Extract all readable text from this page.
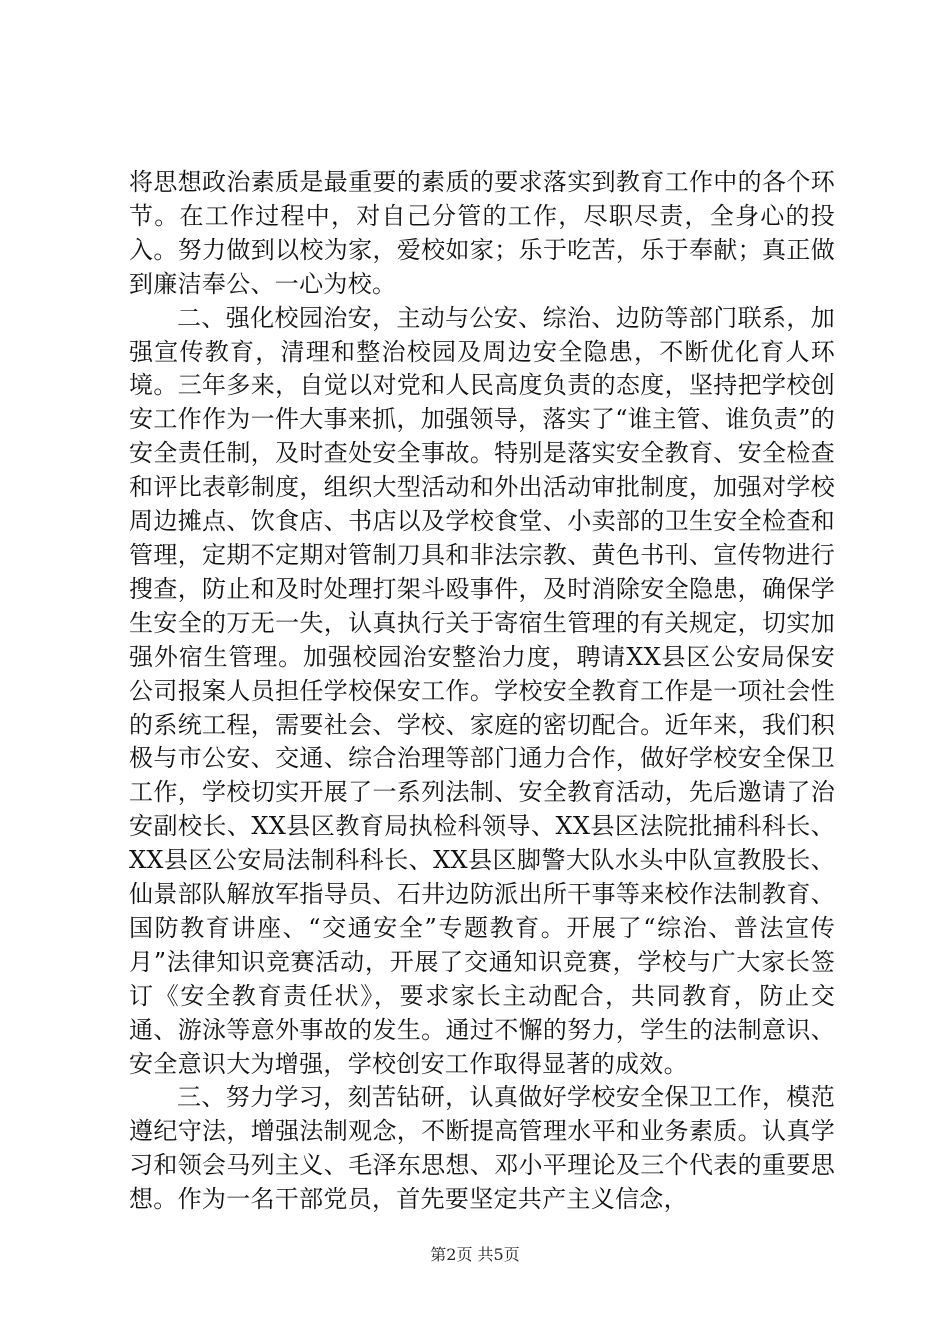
将思想政治素质是最重要的素质的要求落实到教育工作中的各个环节。在工作过程中，对自己分管的工作，尽职尽责，全身心的投入。努力做到以校为家，爱校如家；乐于吃苦，乐于奉献；真正做到廉洁奉公、一心为校。

二、强化校园治安，主动与公安、综治、边防等部门联系，加强宣传教育，清理和整治校园及周边安全隐患，不断优化育人环境。三年多来，自觉以对党和人民高度负责的态度，坚持把学校创安工作作为一件大事来抓，加强领导，落实了“谁主管、谁负责”的安全责任制，及时查处安全事故。特别是落实安全教育、安全检查和评比表彰制度，组织大型活动和外出活动审批制度，加强对学校周边摊点、饮食店、书店以及学校食堂、小卖部的卫生安全检查和管理，定期不定期对管制刀具和非法宗教、黄色书刊、宣传物进行搜查，防止和及时处理打架斗殴事件，及时消除安全隐患，确保学生安全的万无一失，认真执行关于寄宿生管理的有关规定，切实加强外宿生管理。加强校园治安整治力度，聘请XX县区公安局保安公司报案人员担任学校保安工作。学校安全教育工作是一项社会性的系统工程，需要社会、学校、家庭的密切配合。近年来，我们积极与市公安、交通、综合治理等部门通力合作，做好学校安全保卫工作，学校切实开展了一系列法制、安全教育活动，先后邀请了治安副校长、XX县区教育局执检科领导、XX县区法院批捕科科长、XX县区公安局法制科科长、XX县区脚警大队水头中队宣教股长、仙景部队解放军指导员、石井边防派出所干事等来校作法制教育、国防教育讲座、“交通安全”专题教育。开展了“综治、普法宣传月”法律知识竞赛活动，开展了交通知识竞赛，学校与广大家长签订《安全教育责任状》，要求家长主动配合，共同教育，防止交通、游泳等意外事故的发生。通过不懈的努力，学生的法制意识、安全意识大为增强，学校创安工作取得显著的成效。

三、努力学习，刻苦钻研，认真做好学校安全保卫工作，模范遵纪守法，增强法制观念，不断提高管理水平和业务素质。认真学习和领会马列主义、毛泽东思想、邓小平理论及三个代表的重要思想。作为一名干部党员，首先要坚定共产主义信念，

第2页 共5页
